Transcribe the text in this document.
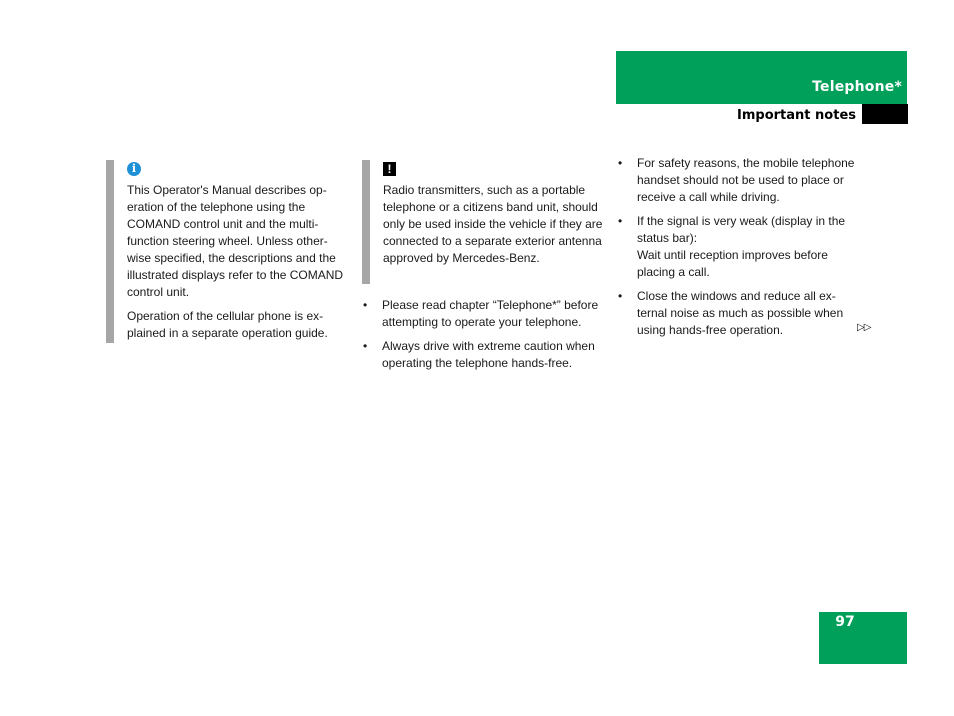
Telephone*
Important notes
i

This Operator's Manual describes operation of the telephone using the COMAND control unit and the multifunction steering wheel. Unless otherwise specified, the descriptions and the illustrated displays refer to the COMAND control unit.

Operation of the cellular phone is explained in a separate operation guide.

!

Radio transmitters, such as a portable telephone or a citizens band unit, should only be used inside the vehicle if they are connected to a separate exterior antenna approved by Mercedes-Benz.

• Please read chapter “Telephone*” before attempting to operate your telephone.
• Always drive with extreme caution when operating the telephone hands-free.
• For safety reasons, the mobile telephone handset should not be used to place or receive a call while driving.
• If the signal is very weak (display in the status bar):
Wait until reception improves before placing a call.
• Close the windows and reduce all external noise as much as possible when using hands-free operation.	▷▷
97
